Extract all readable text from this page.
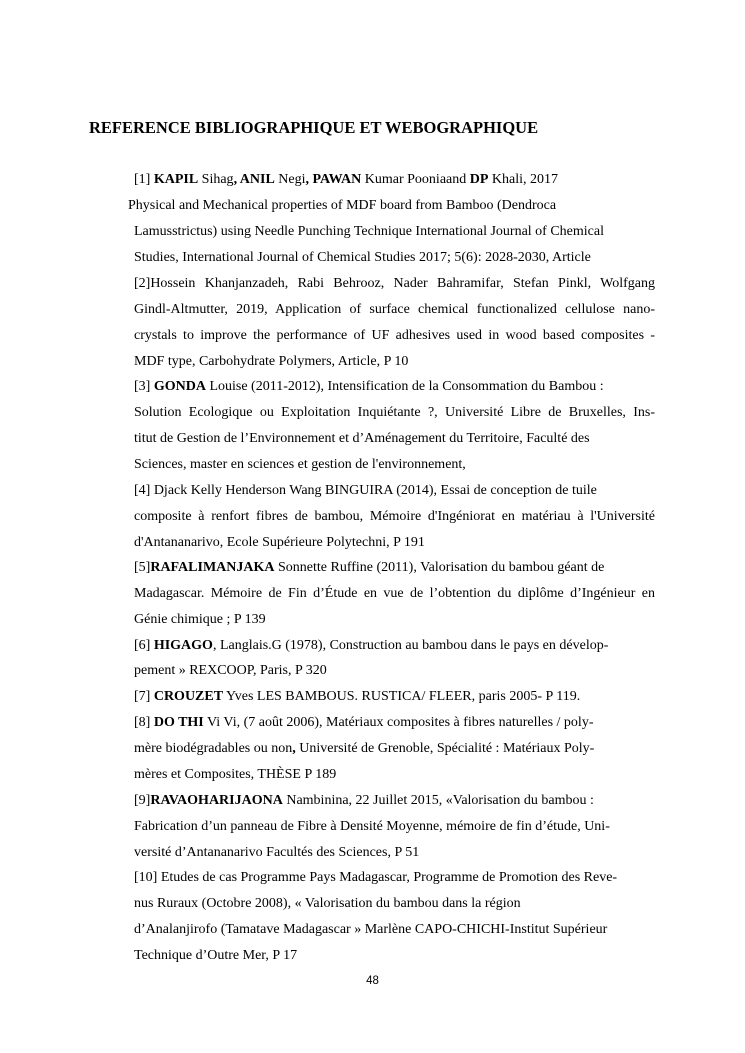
REFERENCE BIBLIOGRAPHIQUE ET WEBOGRAPHIQUE
[1] KAPIL Sihag, ANIL Negi, PAWAN Kumar Pooniaand DP Khali, 2017
Physical and Mechanical properties of MDF board from Bamboo (Dendroca
Lamusstrictus) using Needle Punching Technique International Journal of Chemical
Studies, International Journal of Chemical Studies 2017; 5(6): 2028-2030, Article
[2]Hossein Khanjanzadeh, Rabi Behrooz, Nader Bahramifar, Stefan Pinkl, Wolfgang
Gindl-Altmutter, 2019, Application of surface chemical functionalized cellulose nano-
crystals to improve the performance of UF adhesives used in wood based composites -
MDF type, Carbohydrate Polymers, Article, P 10
[3] GONDA Louise (2011-2012), Intensification de la Consommation du Bambou :
Solution Ecologique ou Exploitation Inquiétante ?, Université Libre de Bruxelles, Ins-
titut de Gestion de l’Environnement et d’Aménagement du Territoire, Faculté des
Sciences, master en sciences et gestion de l'environnement,
[4] Djack Kelly Henderson Wang BINGUIRA (2014), Essai de conception de tuile
composite à renfort fibres de bambou, Mémoire d'Ingéniorat en matériau à l'Université
d'Antananarivo, Ecole Supérieure Polytechni, P 191
[5]RAFALIMANJAKA Sonnette Ruffine (2011), Valorisation du bambou géant de
Madagascar. Mémoire de Fin d’Étude en vue de l’obtention du diplôme d’Ingénieur en
Génie chimique ; P 139
[6] HIGAGO, Langlais.G (1978), Construction au bambou dans le pays en dévelop-
pement » REXCOOP, Paris, P 320
[7] CROUZET Yves LES BAMBOUS. RUSTICA/ FLEER, paris 2005- P 119.
[8] DO THI Vi Vi, (7 août 2006), Matériaux composites à fibres naturelles / poly-
mère biodégradables ou non, Université de Grenoble, Spécialité : Matériaux Poly-
mères et Composites, THÈSE P 189
[9]RAVAOHARIJAONA Nambinina, 22 Juillet 2015, «Valorisation du bambou :
Fabrication d’un panneau de Fibre à Densité Moyenne, mémoire de fin d’étude, Uni-
versité d’Antananarivo Facultés des Sciences, P 51
[10] Etudes de cas Programme Pays Madagascar, Programme de Promotion des Reve-
nus Ruraux (Octobre 2008), « Valorisation du bambou dans la région
d’Analanjirofo (Tamatave Madagascar » Marlène CAPO-CHICHI-Institut Supérieur
Technique d’Outre Mer, P 17
48
